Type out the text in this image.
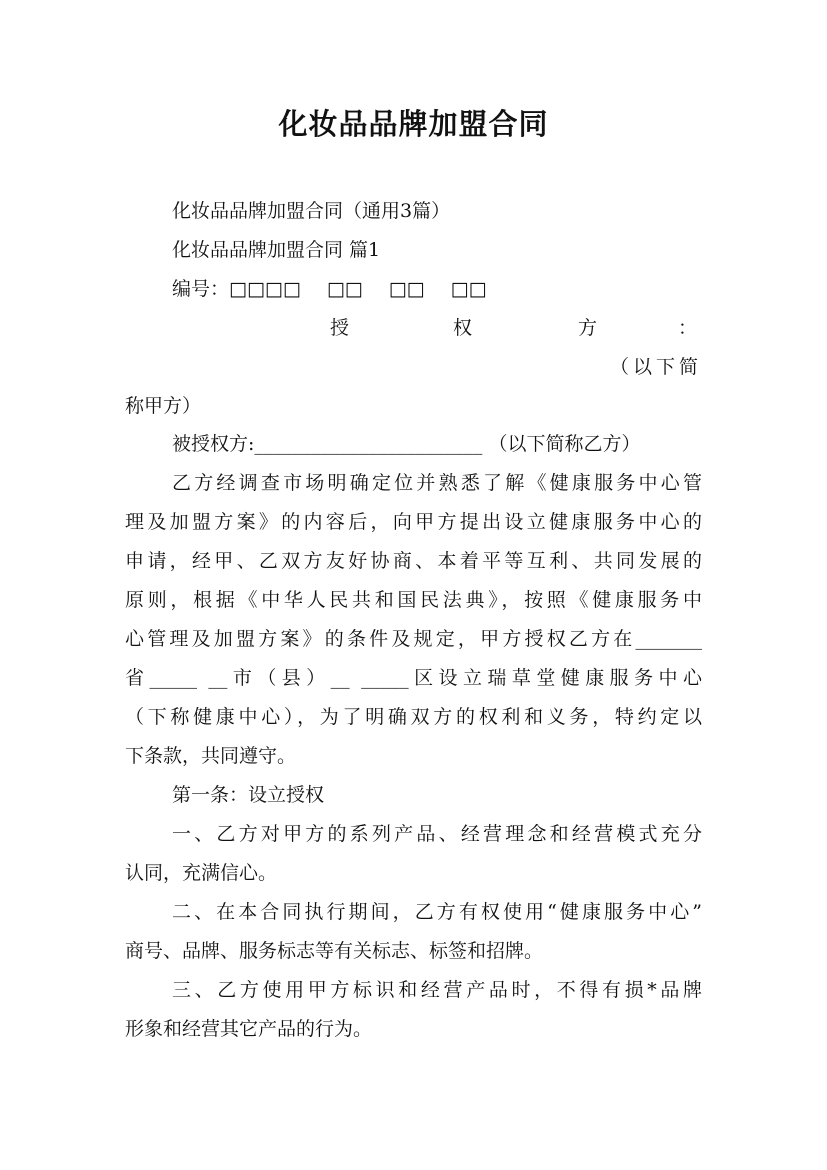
化妆品品牌加盟合同
化妆品品牌加盟合同（通用3篇）
化妆品品牌加盟合同 篇1
编号：□□□□ □□ □□ □□
授	权	方	：
（以下简
称甲方）
被授权方:________________________ （以下简称乙方）
乙方经调查市场明确定位并熟悉了解《健康服务中心管
理及加盟方案》的内容后，向甲方提出设立健康服务中心的
申请，经甲、乙双方友好协商、本着平等互利、共同发展的
原则，根据《中华人民共和国民法典》，按照《健康服务中
心管理及加盟方案》的条件及规定，甲方授权乙方在_______
省_____ __市（县）__ _____区设立瑞草堂健康服务中心
（下称健康中心），为了明确双方的权利和义务，特约定以
下条款，共同遵守。
第一条：设立授权
一、乙方对甲方的系列产品、经营理念和经营模式充分
认同，充满信心。
二、在本合同执行期间，乙方有权使用“健康服务中心”
商号、品牌、服务标志等有关标志、标签和招牌。
三、乙方使用甲方标识和经营产品时，不得有损*品牌
形象和经营其它产品的行为。
